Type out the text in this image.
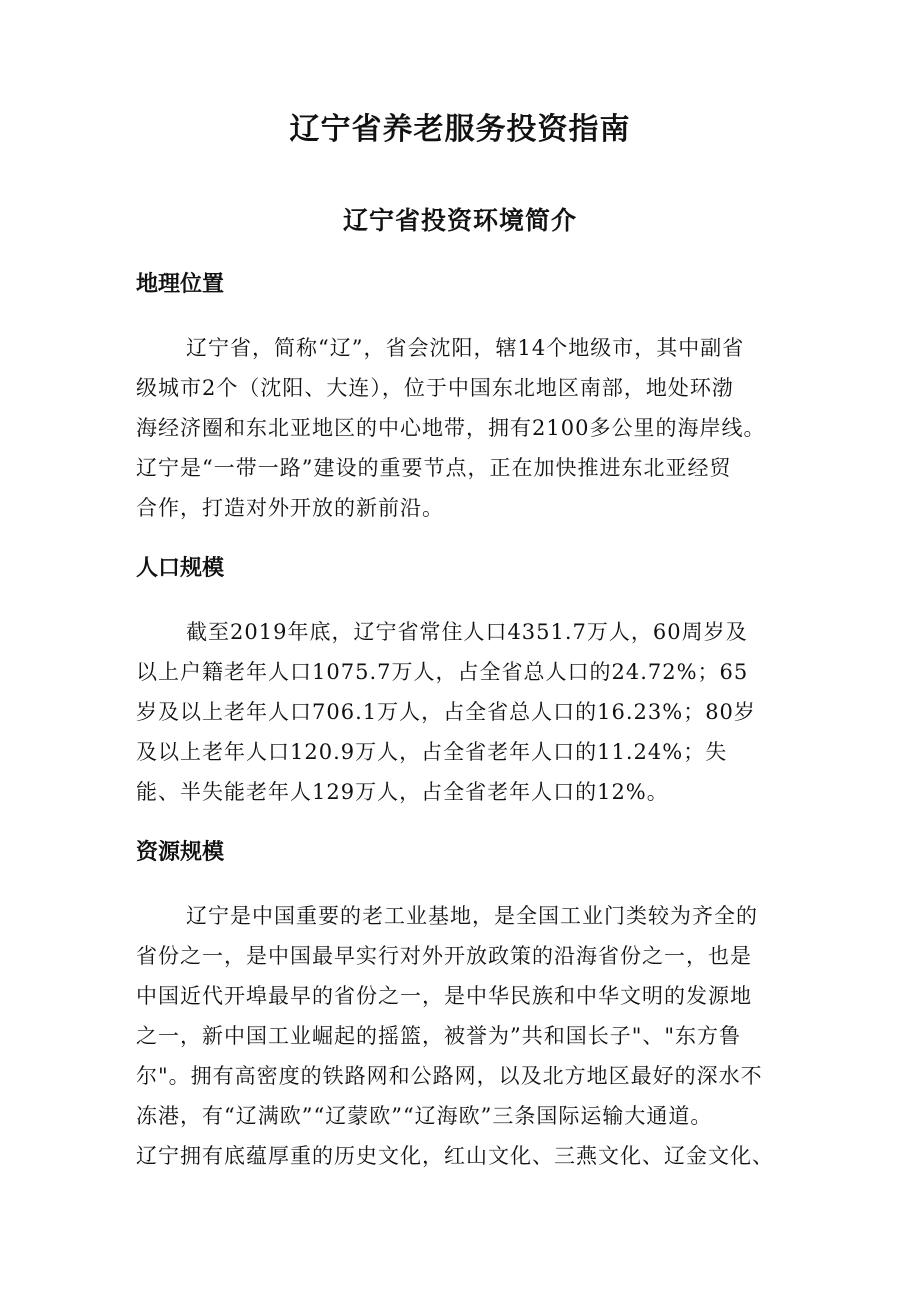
辽宁省养老服务投资指南
辽宁省投资环境简介
地理位置
辽宁省，简称“辽”，省会沈阳，辖14个地级市，其中副省
级城市2个（沈阳、大连），位于中国东北地区南部，地处环渤
海经济圈和东北亚地区的中心地带，拥有2100多公里的海岸线。
辽宁是“一带一路”建设的重要节点，正在加快推进东北亚经贸
合作，打造对外开放的新前沿。
人口规模
截至2019年底，辽宁省常住人口4351.7万人，60周岁及
以上户籍老年人口1075.7万人，占全省总人口的24.72%；65
岁及以上老年人口706.1万人，占全省总人口的16.23%；80岁
及以上老年人口120.9万人，占全省老年人口的11.24%；失
能、半失能老年人129万人，占全省老年人口的12%。
资源规模
辽宁是中国重要的老工业基地，是全国工业门类较为齐全的
省份之一，是中国最早实行对外开放政策的沿海省份之一，也是
中国近代开埠最早的省份之一，是中华民族和中华文明的发源地
之一，新中国工业崛起的摇篮，被誉为”共和国长子"、"东方鲁
尔"。拥有高密度的铁路网和公路网，以及北方地区最好的深水不
冻港，有“辽满欧”“辽蒙欧”“辽海欧”三条国际运输大通道。
辽宁拥有底蕴厚重的历史文化，红山文化、三燕文化、辽金文化、
